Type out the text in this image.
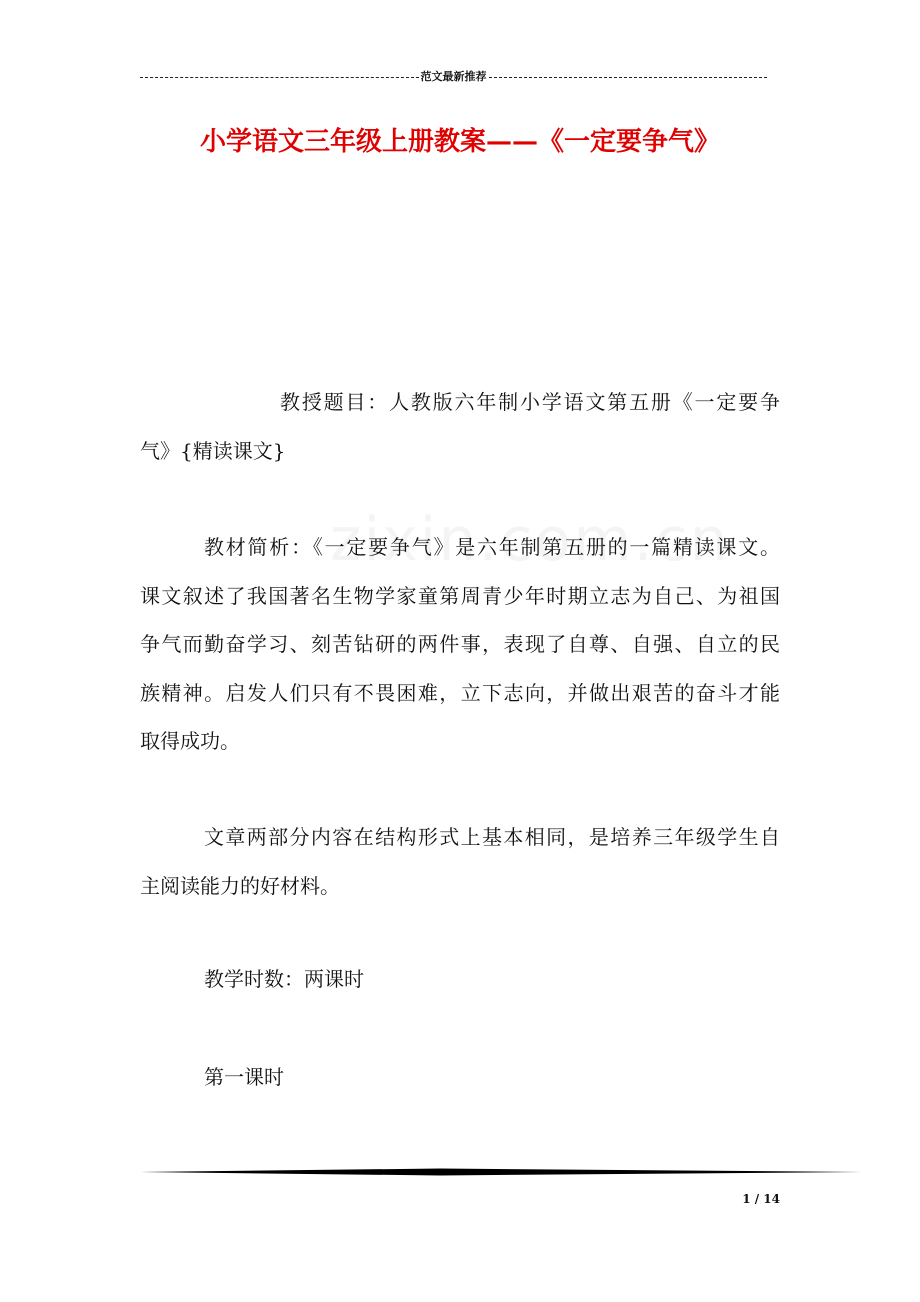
范文最新推荐
小学语文三年级上册教案——《一定要争气》

教授题目：人教版六年制小学语文第五册《一定要争
气》{精读课文}

教材简析：《一定要争气》是六年制第五册的一篇精读课文。
课文叙述了我国著名生物学家童第周青少年时期立志为自己、为祖国
争气而勤奋学习、刻苦钻研的两件事，表现了自尊、自强、自立的民
族精神。启发人们只有不畏困难，立下志向，并做出艰苦的奋斗才能
取得成功。

文章两部分内容在结构形式上基本相同，是培养三年级学生自
主阅读能力的好材料。

教学时数：两课时

第一课时

1 / 14
